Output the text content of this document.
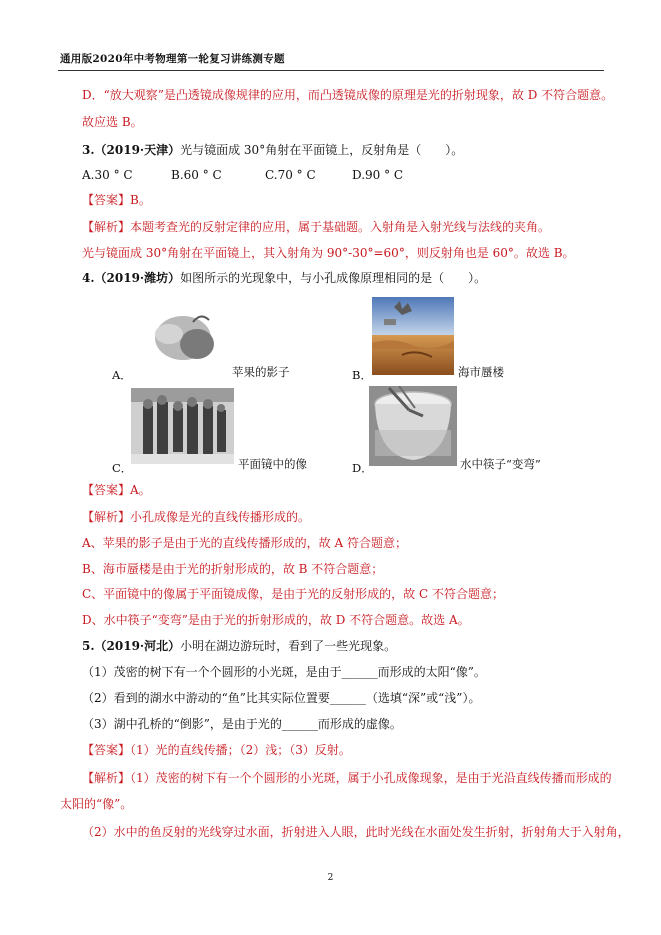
通用版2020年中考物理第一轮复习讲练测专题
D．“放大观察”是凸透镜成像规律的应用，而凸透镜成像的原理是光的折射现象，故 D 不符合题意。
故应选 B。
3.（2019·天津）光与镜面成 30°角射在平面镜上，反射角是（　　）。
A.30 ° C	B.60 ° C	C.70 ° C	D.90 ° C
【答案】B。
【解析】本题考查光的反射定律的应用，属于基础题。入射角是入射光线与法线的夹角。
光与镜面成 30°角射在平面镜上，其入射角为 90°-30°=60°，则反射角也是 60°。故选 B。
4.（2019·潍坊）如图所示的光现象中，与小孔成像原理相同的是（　　）。
A．	苹果的影子	B．	海市蜃楼
C．	平面镜中的像	D．	水中筷子“变弯”
【答案】A。
【解析】小孔成像是光的直线传播形成的。
A、苹果的影子是由于光的直线传播形成的，故 A 符合题意；
B、海市蜃楼是由于光的折射形成的，故 B 不符合题意；
C、平面镜中的像属于平面镜成像，是由于光的反射形成的，故 C 不符合题意；
D、水中筷子“变弯”是由于光的折射形成的，故 D 不符合题意。故选 A。
5.（2019·河北）小明在湖边游玩时，看到了一些光现象。
（1）茂密的树下有一个个圆形的小光斑，是由于______而形成的太阳“像”。
（2）看到的湖水中游动的“鱼”比其实际位置要______（选填“深”或“浅”）。
（3）湖中孔桥的“倒影”，是由于光的______而形成的虚像。
【答案】（1）光的直线传播；（2）浅；（3）反射。
【解析】（1）茂密的树下有一个个圆形的小光斑，属于小孔成像现象，是由于光沿直线传播而形成的
太阳的“像”。
（2）水中的鱼反射的光线穿过水面，折射进入人眼，此时光线在水面处发生折射，折射角大于入射角，
2
